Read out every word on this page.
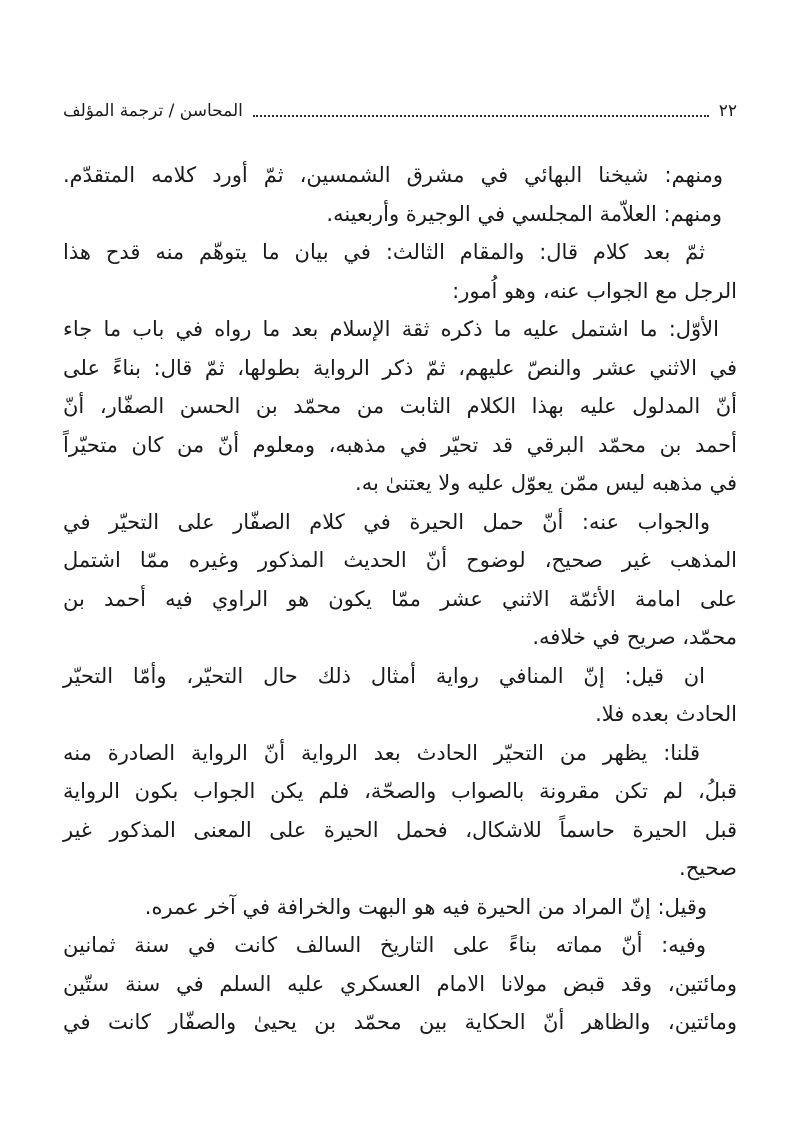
٢٢
المحاسن / ترجمة المؤلف
ومنهم: شيخنا البهائي في مشرق الشمسين، ثمّ أورد كلامه المتقدّم.
ومنهم: العلاّمة المجلسي في الوجيرة وأربعينه.
ثمّ بعد كلام قال: والمقام الثالث: في بيان ما يتوهّم منه قدح هذا
الرجل مع الجواب عنه، وهو اُمور:
الأوّل: ما اشتمل عليه ما ذكره ثقة الإسلام بعد ما رواه في باب ما جاء
في الاثني عشر والنصّ عليهم، ثمّ ذكر الرواية بطولها، ثمّ قال: بناءً على
أنّ المدلول عليه بهذا الكلام الثابت من محمّد بن الحسن الصفّار، أنّ
أحمد بن محمّد البرقي قد تحيّر في مذهبه، ومعلوم أنّ من كان متحيّراً
في مذهبه ليس ممّن يعوّل عليه ولا يعتنىٰ به.
والجواب عنه: أنّ حمل الحيرة في كلام الصفّار على التحيّر في
المذهب غير صحيح، لوضوح أنّ الحديث المذكور وغيره ممّا اشتمل
على امامة الأئمّة الاثني عشر ممّا يكون هو الراوي فيه أحمد بن
محمّد، صريح في خلافه.
ان قيل: إنّ المنافي رواية أمثال ذلك حال التحيّر، وأمّا التحيّر
الحادث بعده فلا.
قلنا: يظهر من التحيّر الحادث بعد الرواية أنّ الرواية الصادرة منه
قبلُ، لم تكن مقرونة بالصواب والصحّة، فلم يكن الجواب بكون الرواية
قبل الحيرة حاسماً للاشكال، فحمل الحيرة على المعنى المذكور غير
صحيح.
وقيل: إنّ المراد من الحيرة فيه هو البهت والخرافة في آخر عمره.
وفيه: أنّ مماته بناءً على التاريخ السالف كانت في سنة ثمانين
ومائتين، وقد قبض مولانا الامام العسكري عليه السلم في سنة ستّين
ومائتين، والظاهر أنّ الحكاية بين محمّد بن يحيىٰ والصفّار كانت في
